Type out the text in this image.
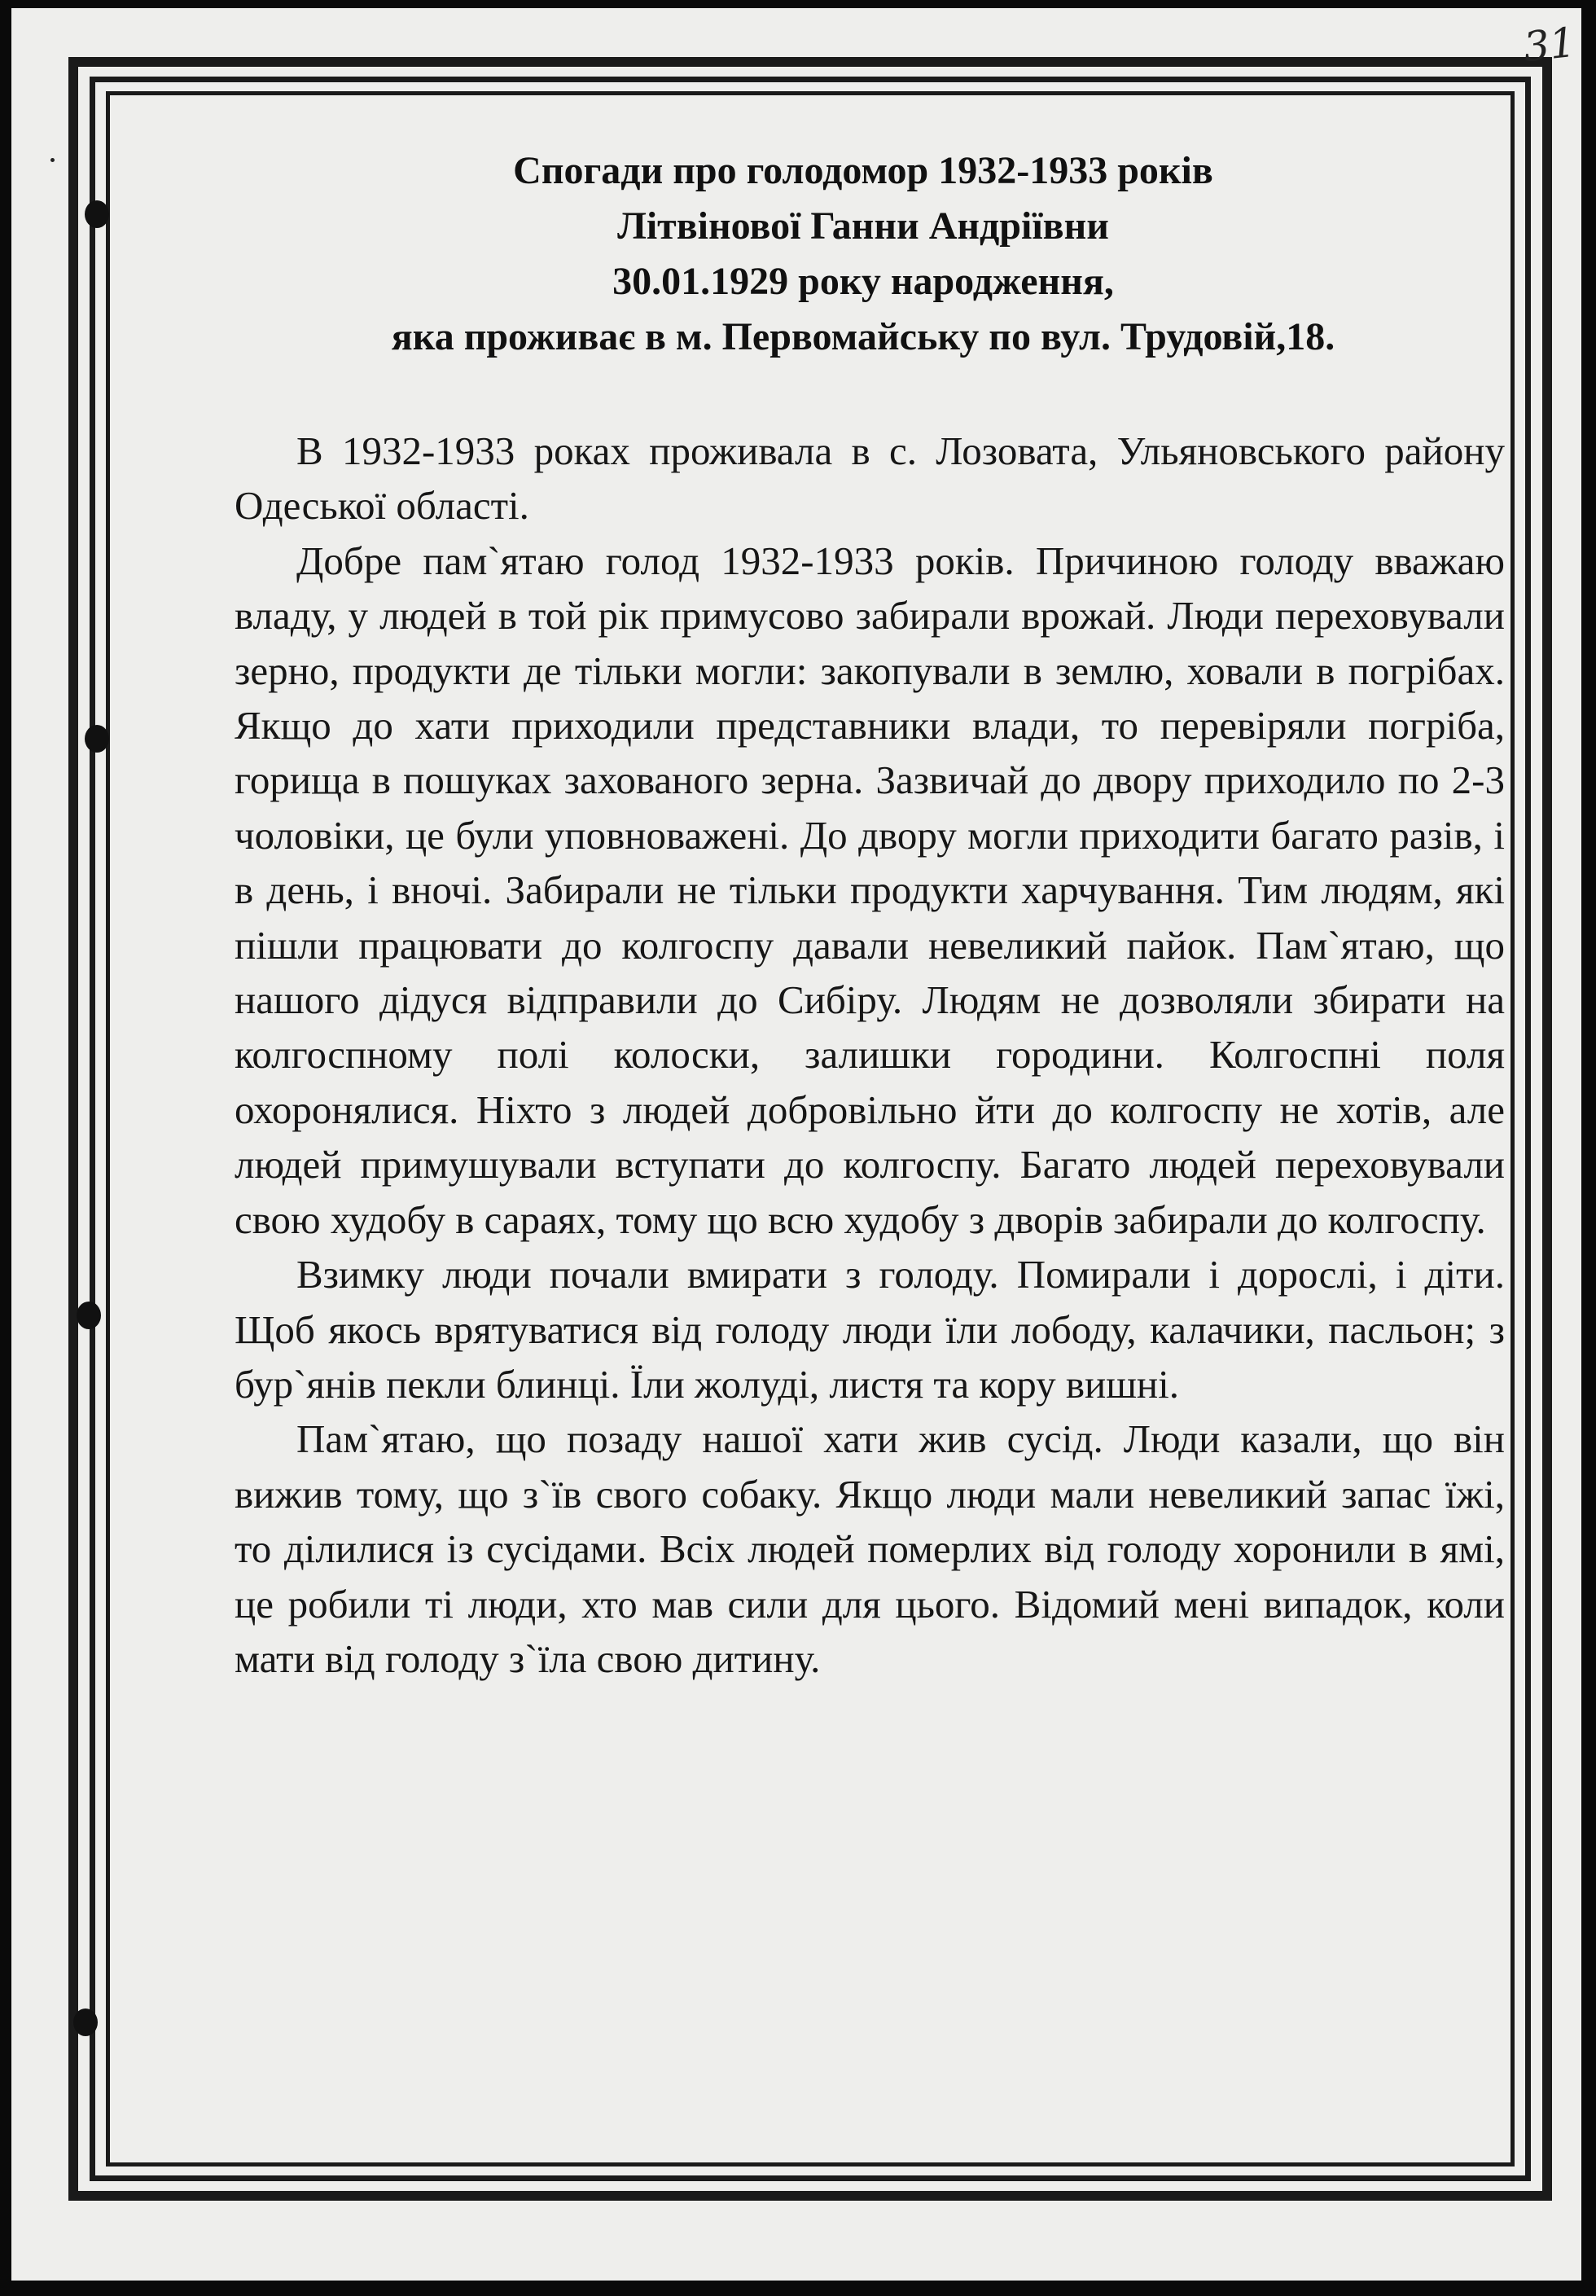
31
Спогади про голодомор 1932-1933 років
Літвінової Ганни Андріївни
30.01.1929 року народження,
яка проживає в м. Первомайську по вул. Трудовій,18.

В 1932-1933 роках проживала в с. Лозовата, Ульяновського району Одеської області.

Добре пам`ятаю голод 1932-1933 років. Причиною голоду вважаю владу, у людей в той рік примусово забирали врожай. Люди переховували зерно, продукти де тільки могли: закопували в землю, ховали в погрібах. Якщо до хати приходили представники влади, то перевіряли погріба, горища в пошуках захованого зерна. Зазвичай до двору приходило по 2-3 чоловіки, це були уповноважені. До двору могли приходити багато разів, і в день, і вночі. Забирали не тільки продукти харчування. Тим людям, які пішли працювати до колгоспу давали невеликий пайок. Пам`ятаю, що нашого дідуся відправили до Сибіру. Людям не дозволяли збирати на колгоспному полі колоски, залишки городини. Колгоспні поля охоронялися. Ніхто з людей добровільно йти до колгоспу не хотів, але людей примушували вступати до колгоспу. Багато людей переховували свою худобу в сараях, тому що всю худобу з дворів забирали до колгоспу.

Взимку люди почали вмирати з голоду. Помирали і дорослі, і діти. Щоб якось врятуватися від голоду люди їли лободу, калачики, пасльон; з бур`янів пекли блинці. Їли жолуді, листя та кору вишні.

Пам`ятаю, що позаду нашої хати жив сусід. Люди казали, що він вижив тому, що з`їв свого собаку. Якщо люди мали невеликий запас їжі, то ділилися із сусідами. Всіх людей померлих від голоду хоронили в ямі, це робили ті люди, хто мав сили для цього. Відомий мені випадок, коли мати від голоду з`їла свою дитину.
